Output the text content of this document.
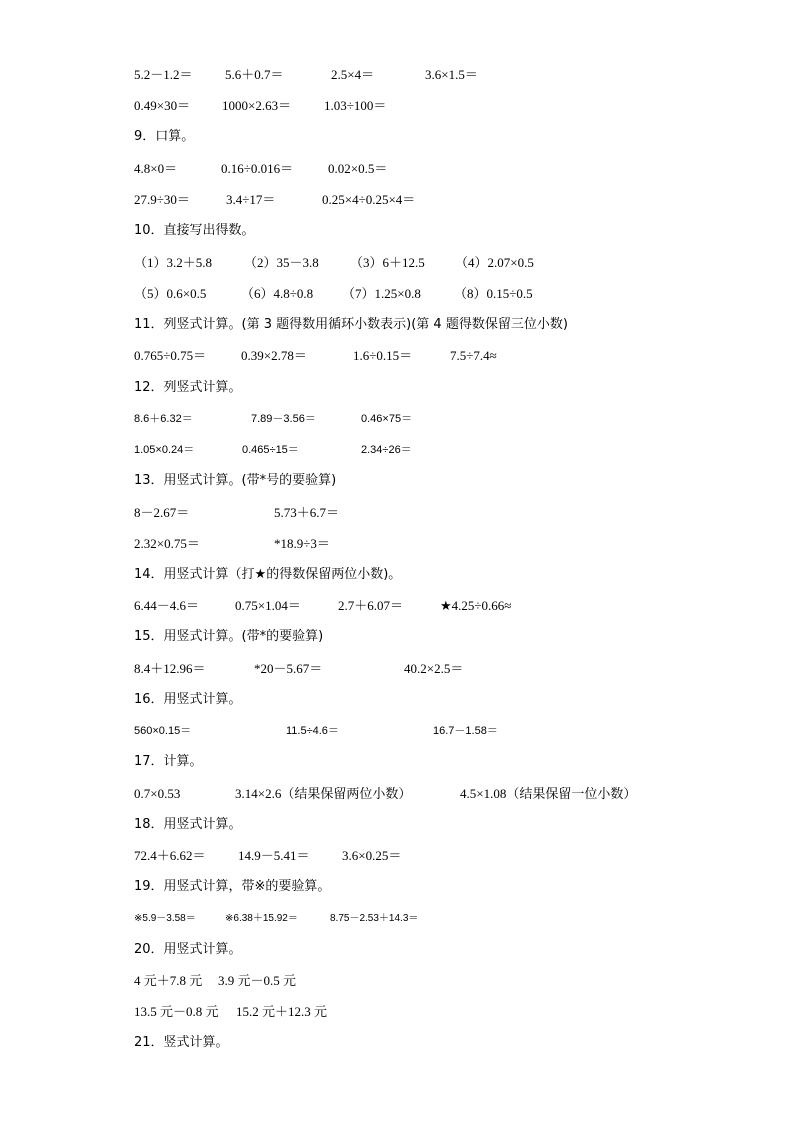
5.2－1.2＝ 5.6＋0.7＝	2.5×4＝	3.6×1.5＝
0.49×30＝ 1000×2.63＝	1.03÷100＝
9．口算。
4.8×0＝	0.16÷0.016＝	0.02×0.5＝
27.9÷30＝	3.4÷17＝	0.25×4÷0.25×4＝
10．直接写出得数。
（1）3.2＋5.8 （2）35－3.8 （3）6＋12.5 （4）2.07×0.5
（5）0.6×0.5	（6）4.8÷0.8 （7）1.25×0.8	（8）0.15÷0.5
11．列竖式计算。(第 3 题得数用循环小数表示)(第 4 题得数保留三位小数)
0.765÷0.75＝	0.39×2.78＝	1.6÷0.15＝	7.5÷7.4≈
12．列竖式计算。
8.6＋6.32＝	7.89－3.56＝	0.46×75＝
1.05×0.24＝	0.465÷15＝	2.34÷26＝
13．用竖式计算。(带*号的要验算)
8－2.67＝	5.73＋6.7＝
2.32×0.75＝	*18.9÷3＝
14．用竖式计算（打★的得数保留两位小数)。
6.44－4.6＝	0.75×1.04＝	2.7＋6.07＝	★4.25÷0.66≈
15．用竖式计算。(带*的要验算)
8.4＋12.96＝	*20－5.67＝	40.2×2.5＝
16．用竖式计算。
560×0.15＝	11.5÷4.6＝	16.7－1.58＝
17．计算。
0.7×0.53	3.14×2.6（结果保留两位小数）	4.5×1.08（结果保留一位小数）
18．用竖式计算。
72.4＋6.62＝ 14.9－5.41＝ 3.6×0.25＝
19．用竖式计算，带※的要验算。
※5.9－3.58＝	※6.38＋15.92＝	8.75－2.53＋14.3＝
20．用竖式计算。
4 元＋7.8 元 3.9 元－0.5 元
13.5 元－0.8 元 15.2 元＋12.3 元
21．竖式计算。
